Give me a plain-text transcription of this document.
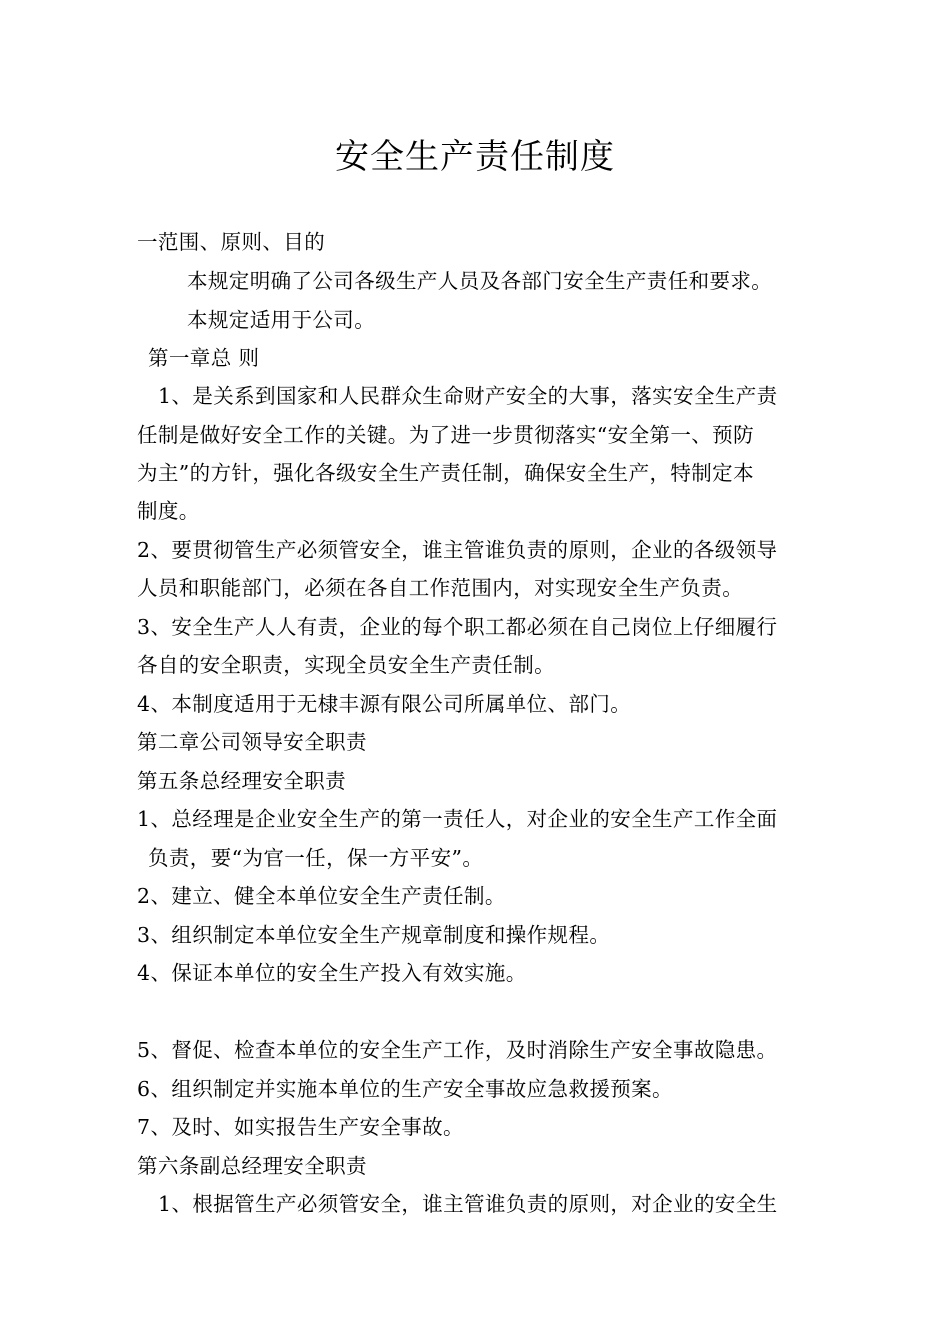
安全生产责任制度
一范围、原则、目的
本规定明确了公司各级生产人员及各部门安全生产责任和要求。
本规定适用于公司。
第一章总 则
1、是关系到国家和人民群众生命财产安全的大事，落实安全生产责
任制是做好安全工作的关键。为了进一步贯彻落实“安全第一、预防
为主”的方针，强化各级安全生产责任制，确保安全生产，特制定本
制度。
2、要贯彻管生产必须管安全，谁主管谁负责的原则，企业的各级领导
人员和职能部门，必须在各自工作范围内，对实现安全生产负责。
3、安全生产人人有责，企业的每个职工都必须在自己岗位上仔细履行
各自的安全职责，实现全员安全生产责任制。
4、本制度适用于无棣丰源有限公司所属单位、部门。
第二章公司领导安全职责
第五条总经理安全职责
1、总经理是企业安全生产的第一责任人，对企业的安全生产工作全面
负责，要“为官一任，保一方平安”。
2、建立、健全本单位安全生产责任制。
3、组织制定本单位安全生产规章制度和操作规程。
4、保证本单位的安全生产投入有效实施。
5、督促、检查本单位的安全生产工作，及时消除生产安全事故隐患。
6、组织制定并实施本单位的生产安全事故应急救援预案。
7、及时、如实报告生产安全事故。
第六条副总经理安全职责
1、根据管生产必须管安全，谁主管谁负责的原则，对企业的安全生
